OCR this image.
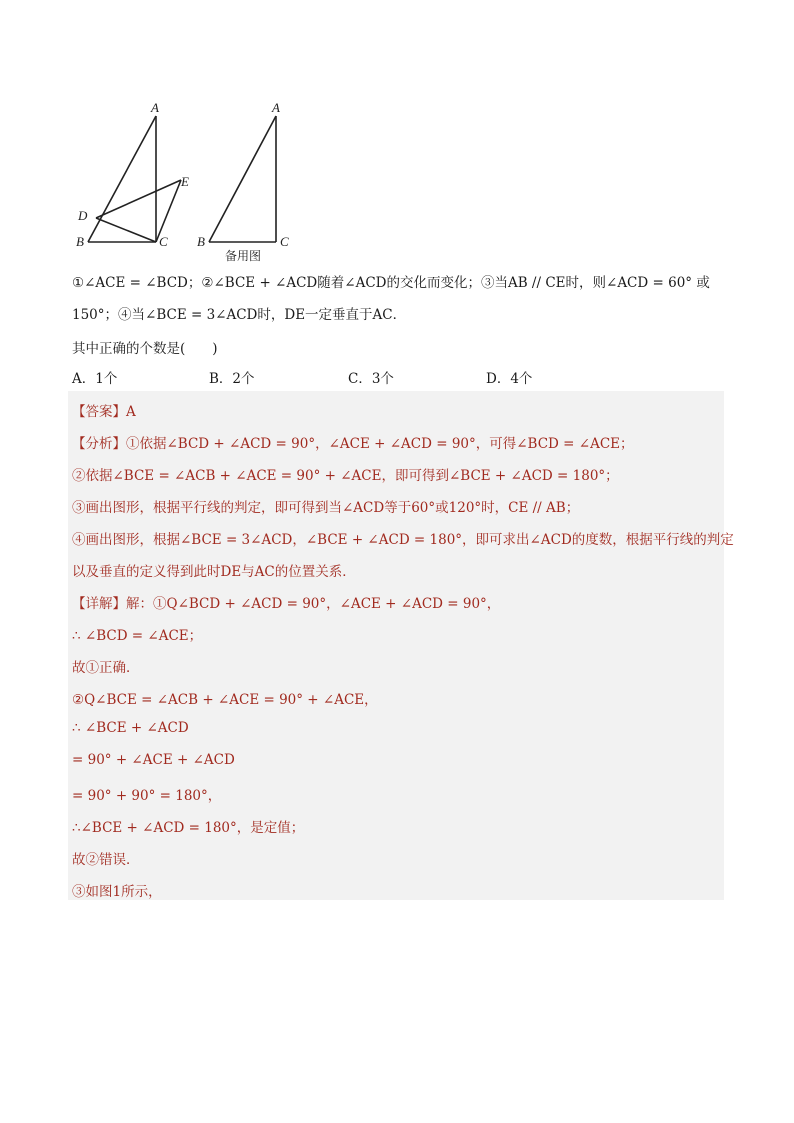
A
B	C
D
E
A
B	C
备用图
①∠ACE = ∠BCD；②∠BCE + ∠ACD随着∠ACD的交化而变化；③当AB // CE时，则∠ACD = 60° 或
150°；④当∠BCE = 3∠ACD时，DE一定垂直于AC．
其中正确的个数是(　　)
A．1个	B．2个	C．3个	D．4个
【答案】A
【分析】①依据∠BCD + ∠ACD = 90°，∠ACE + ∠ACD = 90°，可得∠BCD = ∠ACE；
②依据∠BCE = ∠ACB + ∠ACE = 90° + ∠ACE，即可得到∠BCE + ∠ACD = 180°；
③画出图形，根据平行线的判定，即可得到当∠ACD等于60°或120°时，CE // AB；
④画出图形，根据∠BCE = 3∠ACD，∠BCE + ∠ACD = 180°，即可求出∠ACD的度数，根据平行线的判定
以及垂直的定义得到此时DE与AC的位置关系．
【详解】解：①Q∠BCD + ∠ACD = 90°，∠ACE + ∠ACD = 90°，
∴ ∠BCD = ∠ACE；
故①正确．
②Q∠BCE = ∠ACB + ∠ACE = 90° + ∠ACE，
∴ ∠BCE + ∠ACD
= 90° + ∠ACE + ∠ACD
= 90° + 90° = 180°，
∴∠BCE + ∠ACD = 180°，是定值；
故②错误．
③如图1所示，
